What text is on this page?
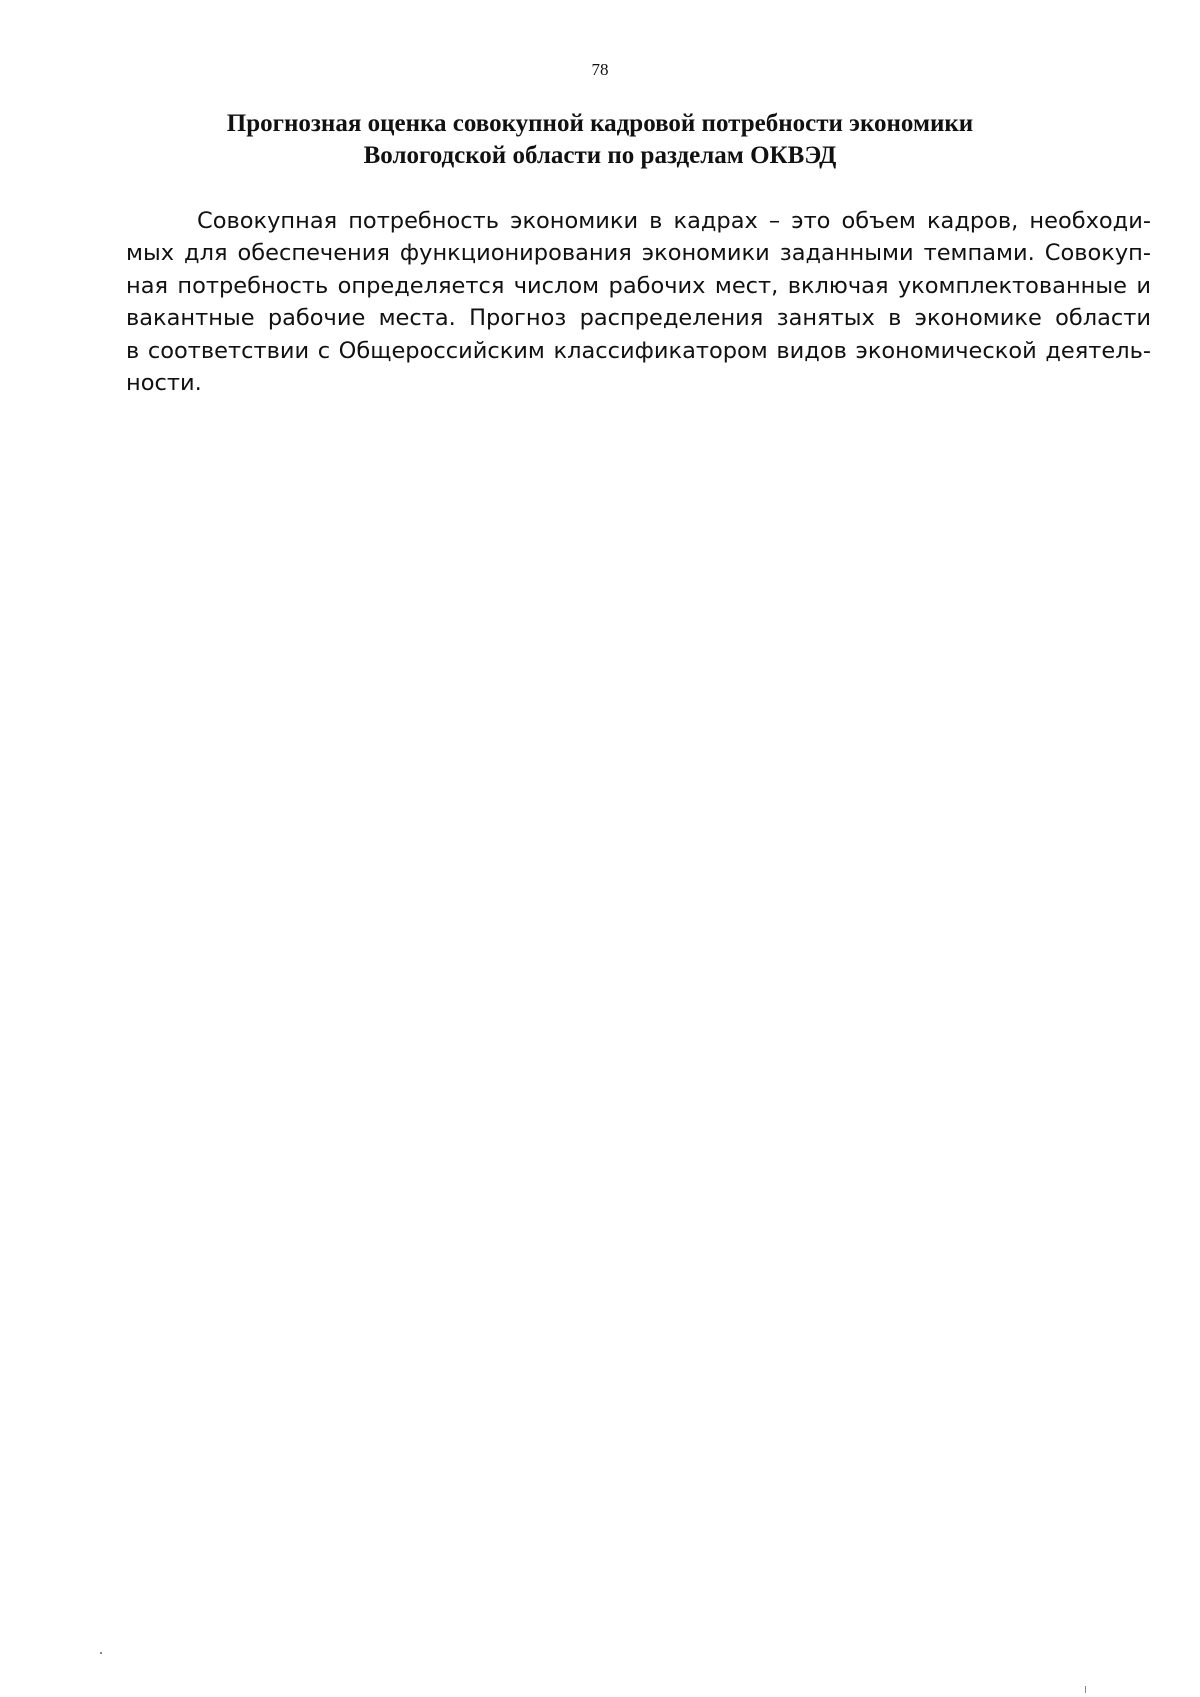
78
Прогнозная оценка совокупной кадровой потребности экономики
Вологодской области по разделам ОКВЭД

Совокупная потребность экономики в кадрах – это объем кадров, необходи-
мых для обеспечения функционирования экономики заданными темпами. Совокуп-
ная потребность определяется числом рабочих мест, включая укомплектованные и
вакантные рабочие места. Прогноз распределения занятых в экономике области
в соответствии с Общероссийским классификатором видов экономической деятель-
ности.
